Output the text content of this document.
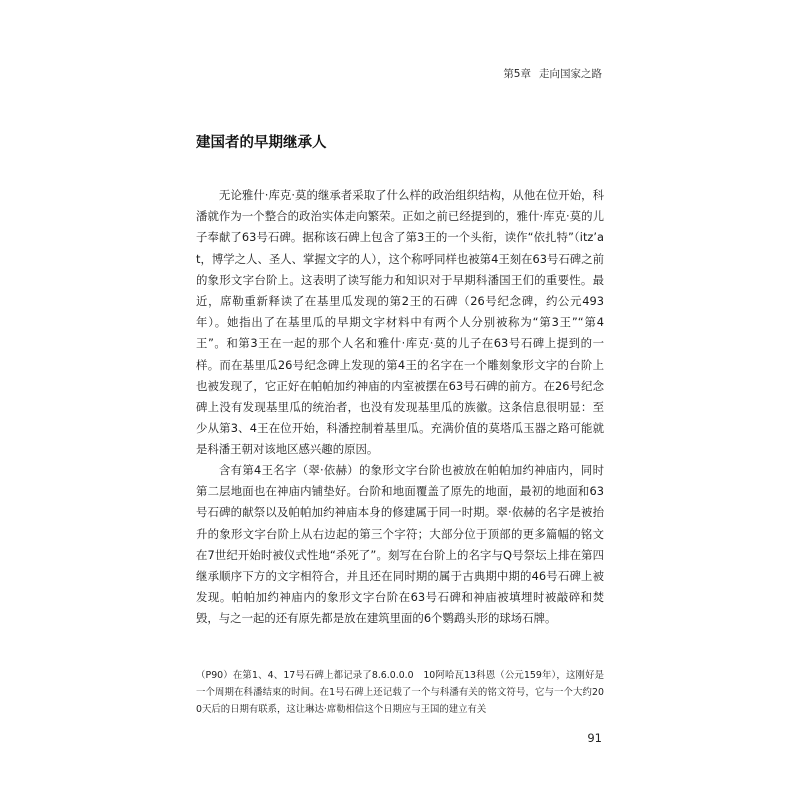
第5章 走向国家之路
建国者的早期继承人

无论雅什·库克·莫的继承者采取了什么样的政治组织结构，从他在位开始，科潘就作为一个整合的政治实体走向繁荣。正如之前已经提到的，雅什·库克·莫的儿子奉献了63号石碑。据称该石碑上包含了第3王的一个头衔，读作“依扎特”（itz’at，博学之人、圣人、掌握文字的人），这个称呼同样也被第4王刻在63号石碑之前的象形文字台阶上。这表明了读写能力和知识对于早期科潘国王们的重要性。最近，席勒重新释读了在基里瓜发现的第2王的石碑（26号纪念碑，约公元493年）。她指出了在基里瓜的早期文字材料中有两个人分别被称为“第3王”“第4王”。和第3王在一起的那个人名和雅什·库克·莫的儿子在63号石碑上提到的一样。而在基里瓜26号纪念碑上发现的第4王的名字在一个雕刻象形文字的台阶上也被发现了，它正好在帕帕加约神庙的内室被摆在63号石碑的前方。在26号纪念碑上没有发现基里瓜的统治者，也没有发现基里瓜的族徽。这条信息很明显：至少从第3、4王在位开始，科潘控制着基里瓜。充满价值的莫塔瓜玉器之路可能就是科潘王朝对该地区感兴趣的原因。

含有第4王名字（翠·依赫）的象形文字台阶也被放在帕帕加约神庙内，同时第二层地面也在神庙内铺垫好。台阶和地面覆盖了原先的地面，最初的地面和63号石碑的献祭以及帕帕加约神庙本身的修建属于同一时期。翠·依赫的名字是被抬升的象形文字台阶上从右边起的第三个字符；大部分位于顶部的更多篇幅的铭文在7世纪开始时被仪式性地“杀死了”。刻写在台阶上的名字与Q号祭坛上排在第四继承顺序下方的文字相符合，并且还在同时期的属于古典期中期的46号石碑上被发现。帕帕加约神庙内的象形文字台阶在63号石碑和神庙被填埋时被敲碎和焚毁，与之一起的还有原先都是放在建筑里面的6个鹦鹉头形的球场石牌。

（P90）在第1、4、17号石碑上都记录了8.6.0.0.0　10阿哈瓦13科恩（公元159年），这刚好是一个周期在科潘结束的时间。在1号石碑上还记载了一个与科潘有关的铭文符号，它与一个大约200天后的日期有联系，这让琳达·席勒相信这个日期应与王国的建立有关

91
